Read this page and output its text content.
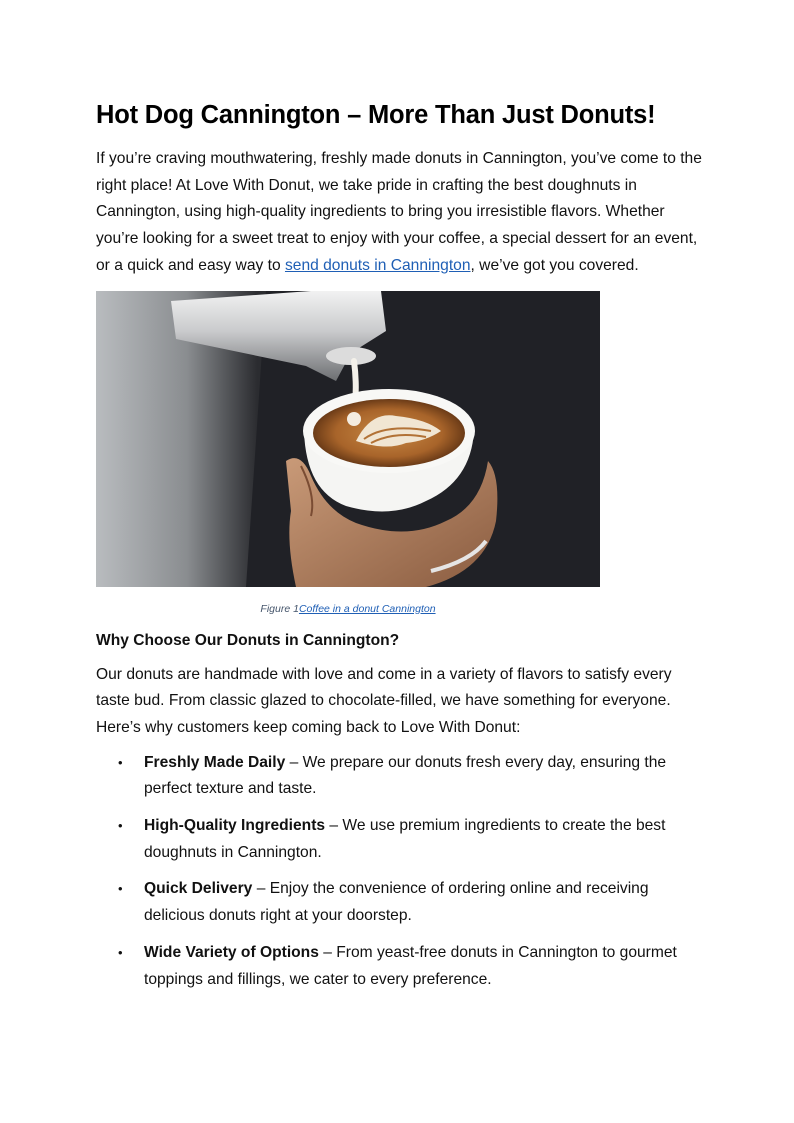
Hot Dog Cannington – More Than Just Donuts!

If you’re craving mouthwatering, freshly made donuts in Cannington, you’ve come to the right place! At Love With Donut, we take pride in crafting the best doughnuts in Cannington, using high-quality ingredients to bring you irresistible flavors. Whether you’re looking for a sweet treat to enjoy with your coffee, a special dessert for an event, or a quick and easy way to send donuts in Cannington, we’ve got you covered.

Figure 1Coffee in a donut Cannington
Why Choose Our Donuts in Cannington?

Our donuts are handmade with love and come in a variety of flavors to satisfy every taste bud. From classic glazed to chocolate-filled, we have something for everyone. Here’s why customers keep coming back to Love With Donut:

• Freshly Made Daily – We prepare our donuts fresh every day, ensuring the perfect texture and taste.
• High-Quality Ingredients – We use premium ingredients to create the best doughnuts in Cannington.
• Quick Delivery – Enjoy the convenience of ordering online and receiving delicious donuts right at your doorstep.
• Wide Variety of Options – From yeast-free donuts in Cannington to gourmet toppings and fillings, we cater to every preference.
